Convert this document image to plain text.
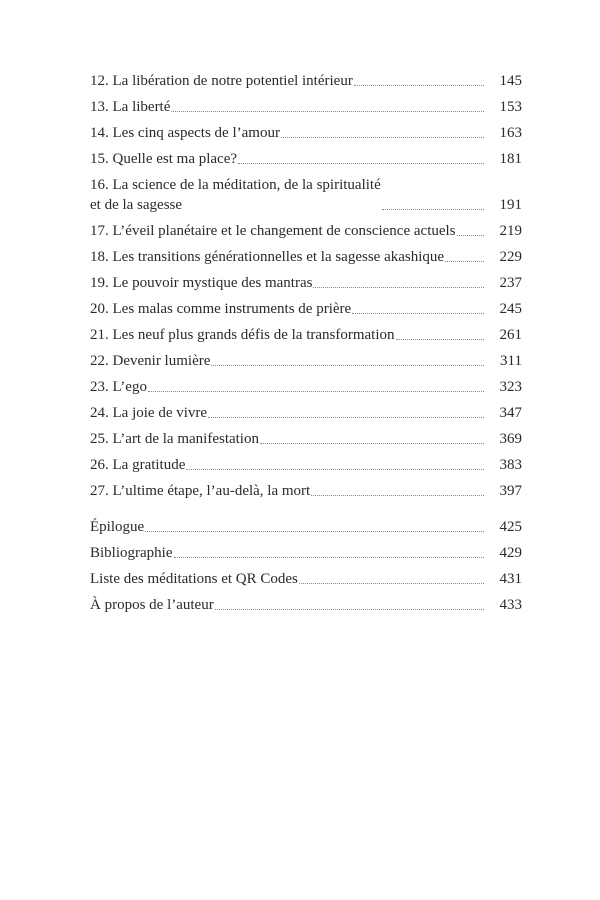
12. La libération de notre potentiel intérieur	145
13. La liberté	153
14. Les cinq aspects de l’amour	163
15. Quelle est ma place?	181
16. La science de la méditation, de la spiritualité
et de la sagesse	191
17. L’éveil planétaire et le changement de conscience actuels	219
18. Les transitions générationnelles et la sagesse akashique	229
19. Le pouvoir mystique des mantras	237
20. Les malas comme instruments de prière	245
21. Les neuf plus grands défis de la transformation	261
22. Devenir lumière	311
23. L’ego	323
24. La joie de vivre	347
25. L’art de la manifestation	369
26. La gratitude	383
27. L’ultime étape, l’au-delà, la mort	397
Épilogue	425
Bibliographie	429
Liste des méditations et QR Codes	431
À propos de l’auteur	433
